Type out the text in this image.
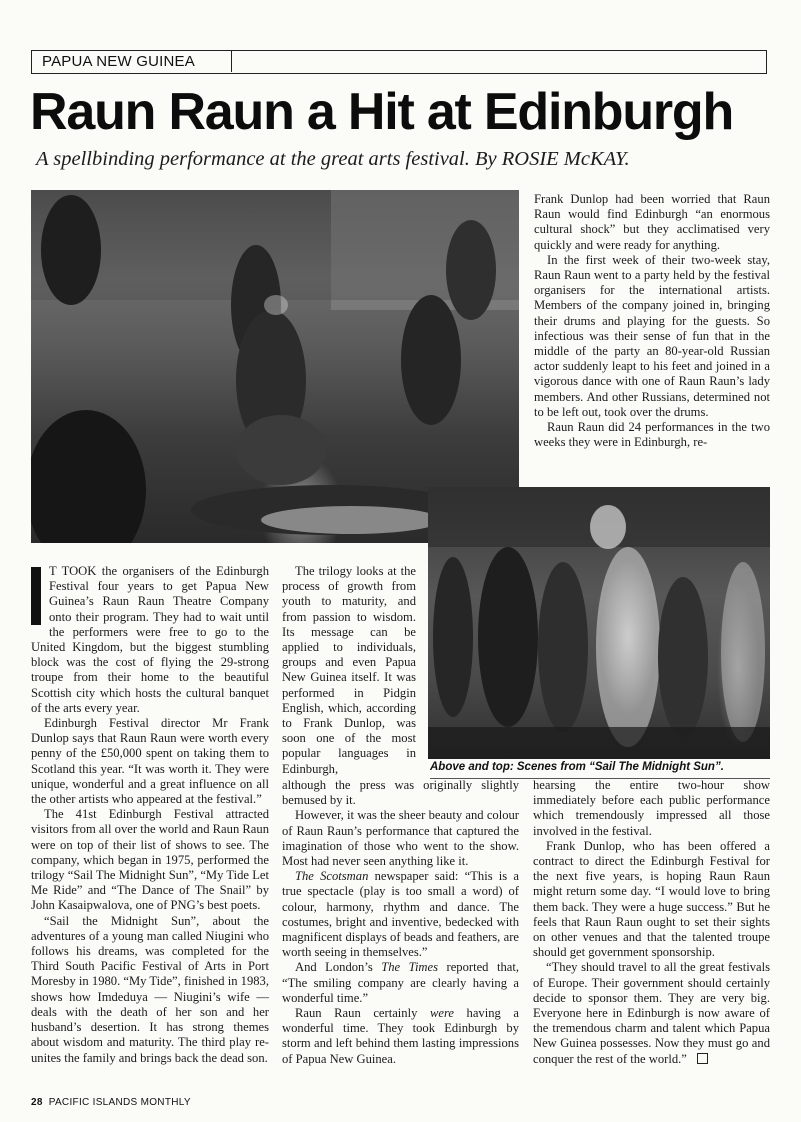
PAPUA NEW GUINEA
Raun Raun a Hit at Edinburgh

A spellbinding performance at the great arts festival. By ROSIE McKAY.

Frank Dunlop had been worried that Raun Raun would find Edinburgh “an enormous cultural shock” but they acclimatised very quickly and were ready for anything.

In the first week of their two-week stay, Raun Raun went to a party held by the festival organisers for the international artists. Members of the company joined in, bringing their drums and playing for the guests. So infectious was their sense of fun that in the middle of the party an 80-year-old Russian actor suddenly leapt to his feet and joined in a vigorous dance with one of Raun Raun’s lady members. And other Russians, determined not to be left out, took over the drums.

Raun Raun did 24 performances in the two weeks they were in Edinburgh, re-

Above and top: Scenes from “Sail The Midnight Sun”.

T TOOK the organisers of the Edinburgh Festival four years to get Papua New Guinea’s Raun Raun Theatre Company onto their program. They had to wait until the performers were free to go to the United Kingdom, but the biggest stumbling block was the cost of flying the 29-strong troupe from their home to the beautiful Scottish city which hosts the cultural banquet of the arts every year.

Edinburgh Festival director Mr Frank Dunlop says that Raun Raun were worth every penny of the £50,000 spent on taking them to Scotland this year. “It was worth it. They were unique, wonderful and a great influence on all the other artists who appeared at the festival.”

The 41st Edinburgh Festival attracted visitors from all over the world and Raun Raun were on top of their list of shows to see. The company, which began in 1975, performed the trilogy “Sail The Midnight Sun”, “My Tide Let Me Ride” and “The Dance of The Snail” by John Kasaipwalova, one of PNG’s best poets.

“Sail the Midnight Sun”, about the adventures of a young man called Niugini who follows his dreams, was completed for the Third South Pacific Festival of Arts in Port Moresby in 1980. “My Tide”, finished in 1983, shows how Imdeduya — Niugini’s wife — deals with the death of her son and her husband’s desertion. It has strong themes about wisdom and maturity. The third play re-unites the family and brings back the dead son.

The trilogy looks at the process of growth from youth to maturity, and from passion to wisdom. Its message can be applied to individuals, groups and even Papua New Guinea itself. It was performed in Pidgin English, which, according to Frank Dunlop, was soon one of the most popular languages in Edinburgh,

although the press was originally slightly bemused by it.

However, it was the sheer beauty and colour of Raun Raun’s performance that captured the imagination of those who went to the show. Most had never seen anything like it.

The Scotsman newspaper said: “This is a true spectacle (play is too small a word) of colour, harmony, rhythm and dance. The costumes, bright and inventive, bedecked with magnificent displays of beads and feathers, are worth seeing in themselves.”

And London’s The Times reported that, “The smiling company are clearly having a wonderful time.”

Raun Raun certainly were having a wonderful time. They took Edinburgh by storm and left behind them lasting impressions of Papua New Guinea.

hearsing the entire two-hour show immediately before each public performance which tremendously impressed all those involved in the festival.

Frank Dunlop, who has been offered a contract to direct the Edinburgh Festival for the next five years, is hoping Raun Raun might return some day. “I would love to bring them back. They were a huge success.” But he feels that Raun Raun ought to set their sights on other venues and that the talented troupe should get government sponsorship.

“They should travel to all the great festivals of Europe. Their government should certainly decide to sponsor them. They are very big. Everyone here in Edinburgh is now aware of the tremendous charm and talent which Papua New Guinea possesses. Now they must go and conquer the rest of the world.”

28 PACIFIC ISLANDS MONTHLY
